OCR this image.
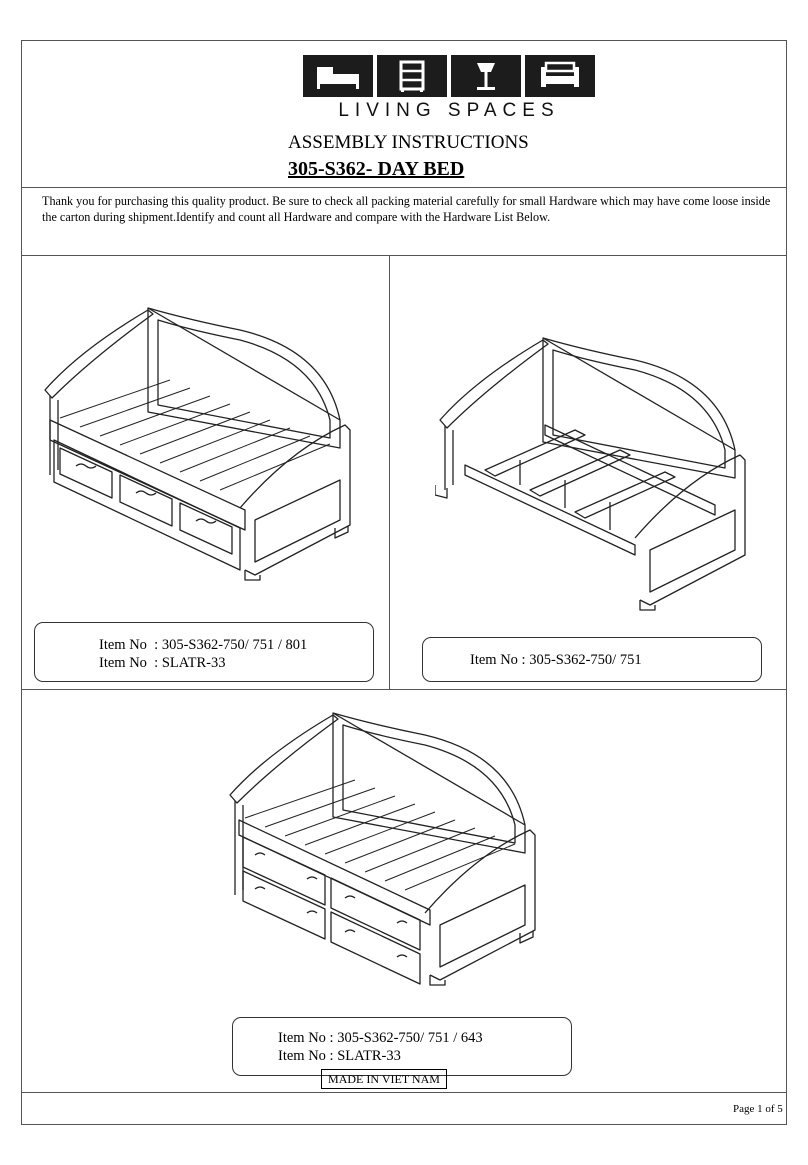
LIVING SPACES
ASSEMBLY INSTRUCTIONS
305-S362- DAY BED
Thank you for purchasing this quality product. Be sure to check all packing material carefully for small Hardware which may have come loose inside the carton during shipment.Identify and count all Hardware and compare with the Hardware List Below.
Item No  : 305-S362-750/ 751 / 801
Item No  : SLATR-33	Item No : 305-S362-750/ 751
Item No : 305-S362-750/ 751 / 643
Item No : SLATR-33
MADE IN VIET NAM
Page 1 of 5
